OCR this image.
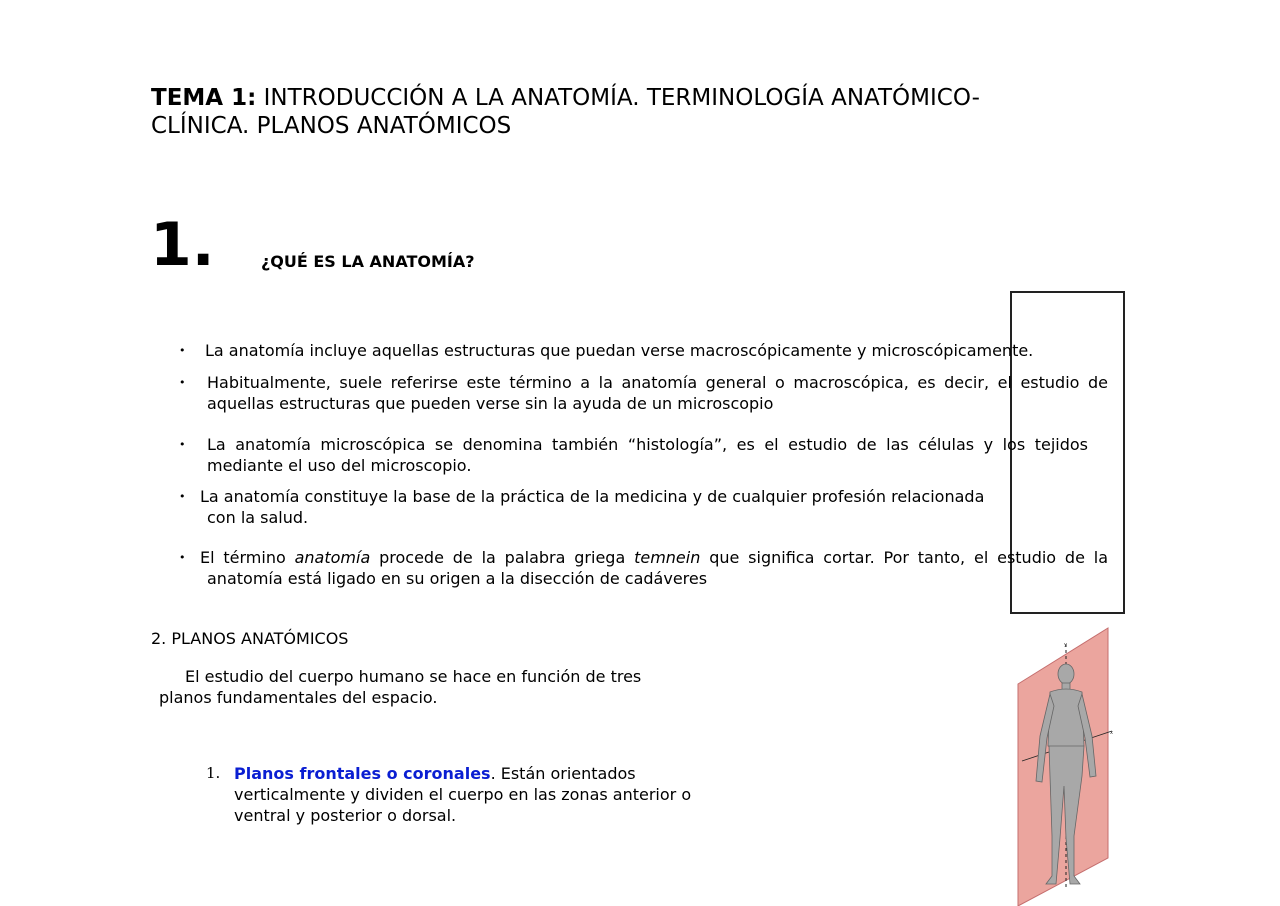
TEMA 1: INTRODUCCIÓN A LA ANATOMÍA. TERMINOLOGÍA ANATÓMICO-CLÍNICA. PLANOS ANATÓMICOS
1.	¿QUÉ ES LA ANATOMÍA?
• La anatomía incluye aquellas estructuras que puedan verse macroscópicamente y microscópicamente.
• Habitualmente, suele referirse este término a la anatomía general o macroscópica, es decir, el estudio de
aquellas estructuras que pueden verse sin la ayuda de un microscopio
• La anatomía microscópica se denomina también “histología”, es el estudio de las células y los tejidos
mediante el uso del microscopio.
• La anatomía constituye la base de la práctica de la medicina y de cualquier profesión relacionada
con la salud.
• El término anatomía procede de la palabra griega temnein que significa cortar. Por tanto, el estudio de la
anatomía está ligado en su origen a la disección de cadáveres
2. PLANOS ANATÓMICOS
El estudio del cuerpo humano se hace en función de tres
planos fundamentales del espacio.
1. Planos frontales o coronales. Están orientados verticalmente y dividen el cuerpo en las zonas anterior o ventral y posterior o dorsal.
y
x
